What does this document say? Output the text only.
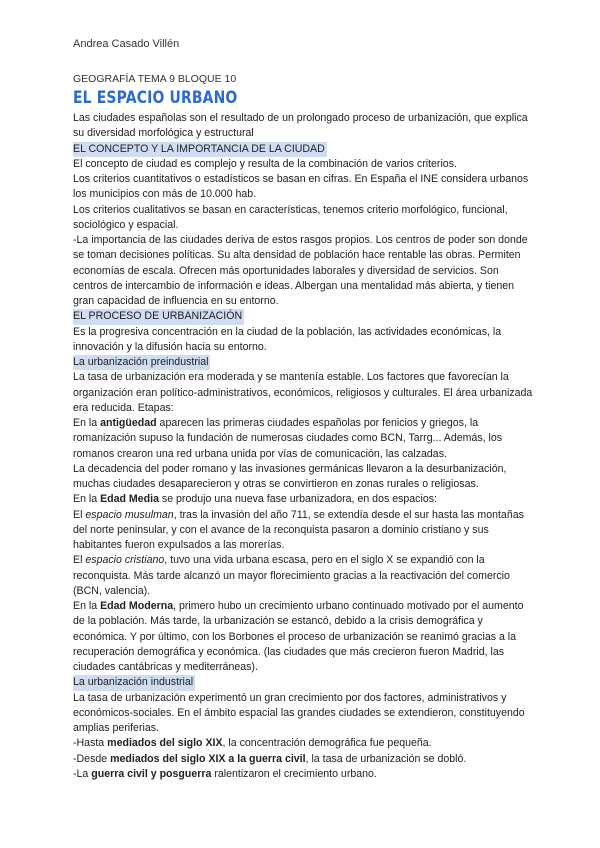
Andrea Casado Villén
GEOGRAFÍA TEMA 9 BLOQUE 10
EL ESPACIO URBANO

Las ciudades españolas son el resultado de un prolongado proceso de urbanización, que explica su diversidad morfológica y estructural

EL CONCEPTO Y LA IMPORTANCIA DE LA CIUDAD

El concepto de ciudad es complejo y resulta de la combinación de varios criterios.

Los criterios cuantitativos o estadísticos se basan en cifras. En España el INE considera urbanos los municipios con más de 10.000 hab.

Los criterios cualitativos se basan en características, tenemos criterio morfológico, funcional, sociológico y espacial.

-La importancia de las ciudades deriva de estos rasgos propios. Los centros de poder son donde se toman decisiones políticas. Su alta densidad de población hace rentable las obras. Permiten economías de escala. Ofrecen más oportunidades laborales y diversidad de servicios. Son centros de intercambio de información e ideas. Albergan una mentalidad más abierta, y tienen gran capacidad de influencia en su entorno.

EL PROCESO DE URBANIZACIÓN

Es la progresiva concentración en la ciudad de la población, las actividades económicas, la innovación y la difusión hacia su entorno.

La urbanización preindustrial

La tasa de urbanización era moderada y se mantenía estable. Los factores que favorecían la organización eran político-administrativos, económicos, religiosos y culturales. El área urbanizada era reducida. Etapas:

En la antigüedad aparecen las primeras ciudades españolas por fenicios y griegos, la romanización supuso la fundación de numerosas ciudades como BCN, Tarrg... Además, los romanos crearon una red urbana unida por vías de comunicación, las calzadas.

La decadencia del poder romano y las invasiones germánicas llevaron a la desurbanización, muchas ciudades desaparecieron y otras se convirtieron en zonas rurales o religiosas.

En la Edad Media se produjo una nueva fase urbanizadora, en dos espacios:

El espacio musulman, tras la invasión del año 711, se extendía desde el sur hasta las montañas del norte peninsular, y con el avance de la reconquista pasaron a dominio cristiano y sus habitantes fueron expulsados a las morerías.

El espacio cristiano, tuvo una vida urbana escasa, pero en el siglo X se expandió con la reconquista. Más tarde alcanzó un mayor florecimiento gracias a la reactivación del comercio (BCN, valencia).

En la Edad Moderna, primero hubo un crecimiento urbano continuado motivado por el aumento de la población. Más tarde, la urbanización se estancó, debido a la crisis demográfica y económica. Y por último, con los Borbones el proceso de urbanización se reanimó gracias a la recuperación demográfica y económica. (las ciudades que más crecieron fueron Madrid, las ciudades cantábricas y mediterráneas).

La urbanización industrial

La tasa de urbanización experimentó un gran crecimiento por dos factores, administrativos y económicos-sociales. En el ámbito espacial las grandes ciudades se extendieron, constituyendo amplias periferias.

-Hasta mediados del siglo XIX, la concentración demográfica fue pequeña.

-Desde mediados del siglo XIX a la guerra civil, la tasa de urbanización se dobló.

-La guerra civil y posguerra ralentizaron el crecimiento urbano.
